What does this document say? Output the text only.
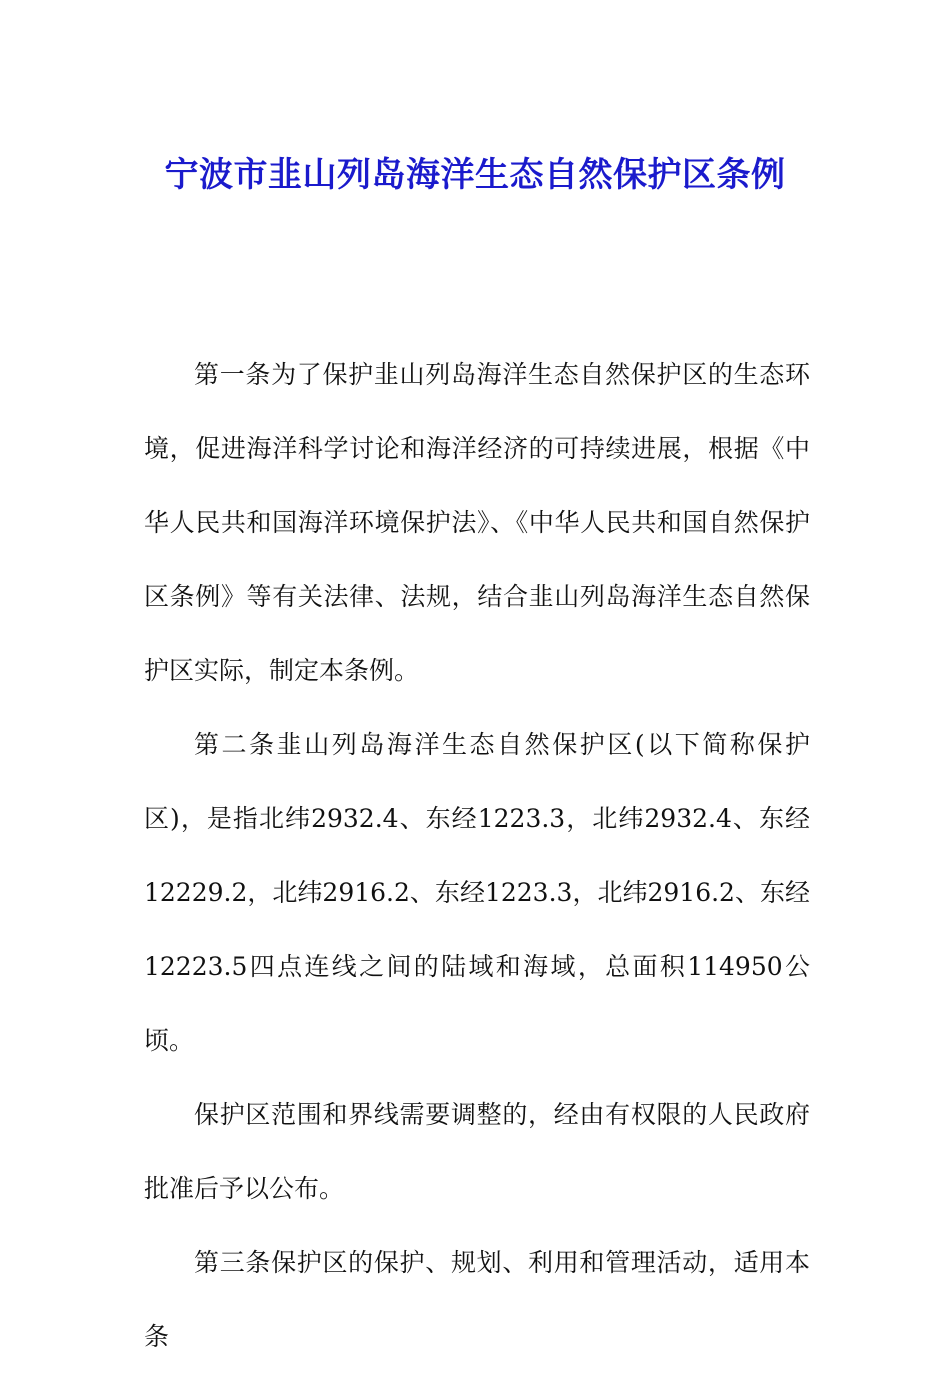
宁波市韭山列岛海洋生态自然保护区条例

第一条为了保护韭山列岛海洋生态自然保护区的生态环境，促进海洋科学讨论和海洋经济的可持续进展，根据《中华人民共和国海洋环境保护法》、《中华人民共和国自然保护区条例》等有关法律、法规，结合韭山列岛海洋生态自然保护区实际，制定本条例。

第二条韭山列岛海洋生态自然保护区(以下简称保护区)，是指北纬2932.4、东经1223.3，北纬2932.4、东经12229.2，北纬2916.2、东经1223.3，北纬2916.2、东经12223.5四点连线之间的陆域和海域，总面积114950公顷。

保护区范围和界线需要调整的，经由有权限的人民政府批准后予以公布。

第三条保护区的保护、规划、利用和管理活动，适用本条
